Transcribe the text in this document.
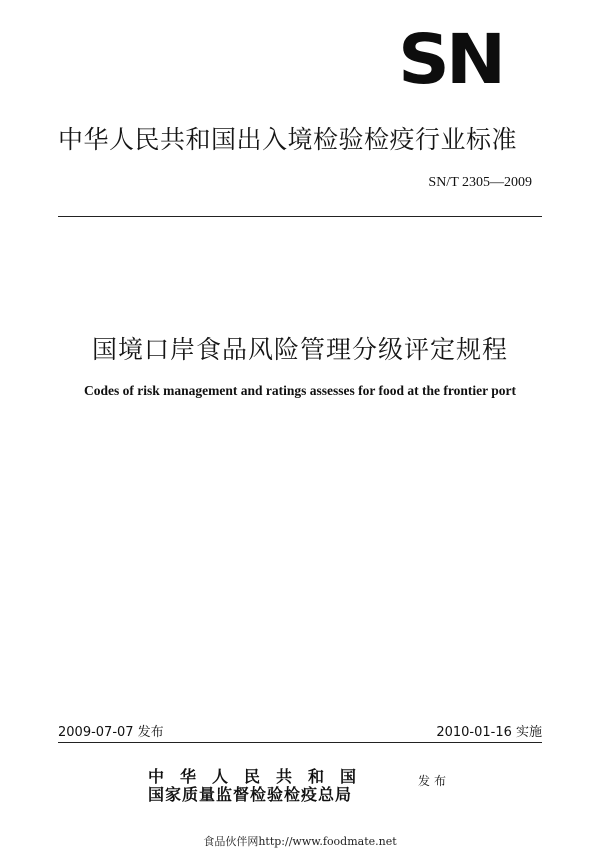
SN
中华人民共和国出入境检验检疫行业标准
SN/T 2305—2009
国境口岸食品风险管理分级评定规程
Codes of risk management and ratings assesses for food at the frontier port
2009-07-07 发布	2010-01-16 实施
中华人民共和国
国家质量监督检验检疫总局
发布
食品伙伴网http://www.foodmate.net
